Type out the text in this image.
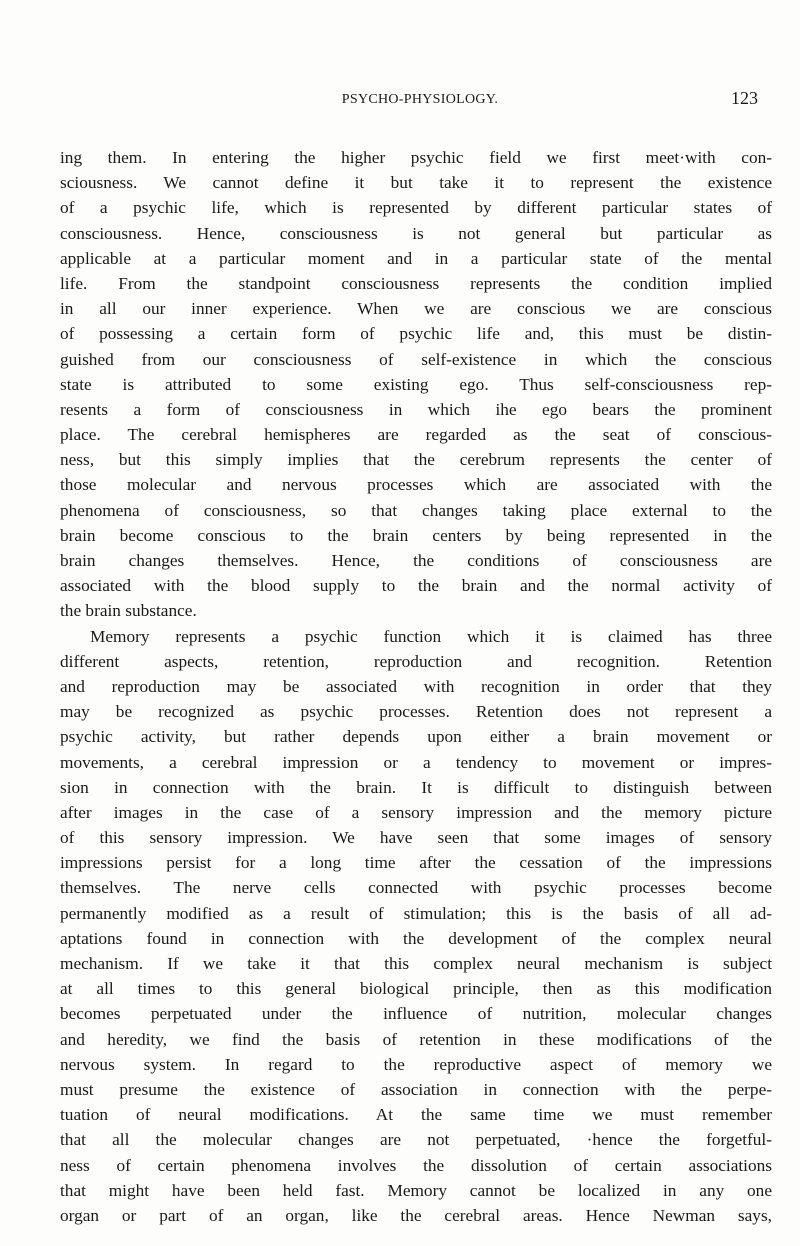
PSYCHO-PHYSIOLOGY.	123
ing them. In entering the higher psychic field we first meet·with con-
sciousness. We cannot define it but take it to represent the existence
of a psychic life, which is represented by different particular states of
consciousness. Hence, consciousness is not general but particular as
applicable at a particular moment and in a particular state of the mental
life. From the standpoint consciousness represents the condition implied
in all our inner experience. When we are conscious we are conscious
of possessing a certain form of psychic life and, this must be distin-
guished from our consciousness of self-existence in which the conscious
state is attributed to some existing ego. Thus self-consciousness rep-
resents a form of consciousness in which ihe ego bears the prominent
place. The cerebral hemispheres are regarded as the seat of conscious-
ness, but this simply implies that the cerebrum represents the center of
those molecular and nervous processes which are associated with the
phenomena of consciousness, so that changes taking place external to the
brain become conscious to the brain centers by being represented in the
brain changes themselves. Hence, the conditions of consciousness are
associated with the blood supply to the brain and the normal activity of
the brain substance.
Memory represents a psychic function which it is claimed has three
different aspects, retention, reproduction and recognition. Retention
and reproduction may be associated with recognition in order that they
may be recognized as psychic processes. Retention does not represent a
psychic activity, but rather depends upon either a brain movement or
movements, a cerebral impression or a tendency to movement or impres-
sion in connection with the brain. It is difficult to distinguish between
after images in the case of a sensory impression and the memory picture
of this sensory impression. We have seen that some images of sensory
impressions persist for a long time after the cessation of the impressions
themselves. The nerve cells connected with psychic processes become
permanently modified as a result of stimulation; this is the basis of all ad-
aptations found in connection with the development of the complex neural
mechanism. If we take it that this complex neural mechanism is subject
at all times to this general biological principle, then as this modification
becomes perpetuated under the influence of nutrition, molecular changes
and heredity, we find the basis of retention in these modifications of the
nervous system. In regard to the reproductive aspect of memory we
must presume the existence of association in connection with the perpe-
tuation of neural modifications. At the same time we must remember
that all the molecular changes are not perpetuated, ·hence the forgetful-
ness of certain phenomena involves the dissolution of certain associations
that might have been held fast. Memory cannot be localized in any one
organ or part of an organ, like the cerebral areas. Hence Newman says,
